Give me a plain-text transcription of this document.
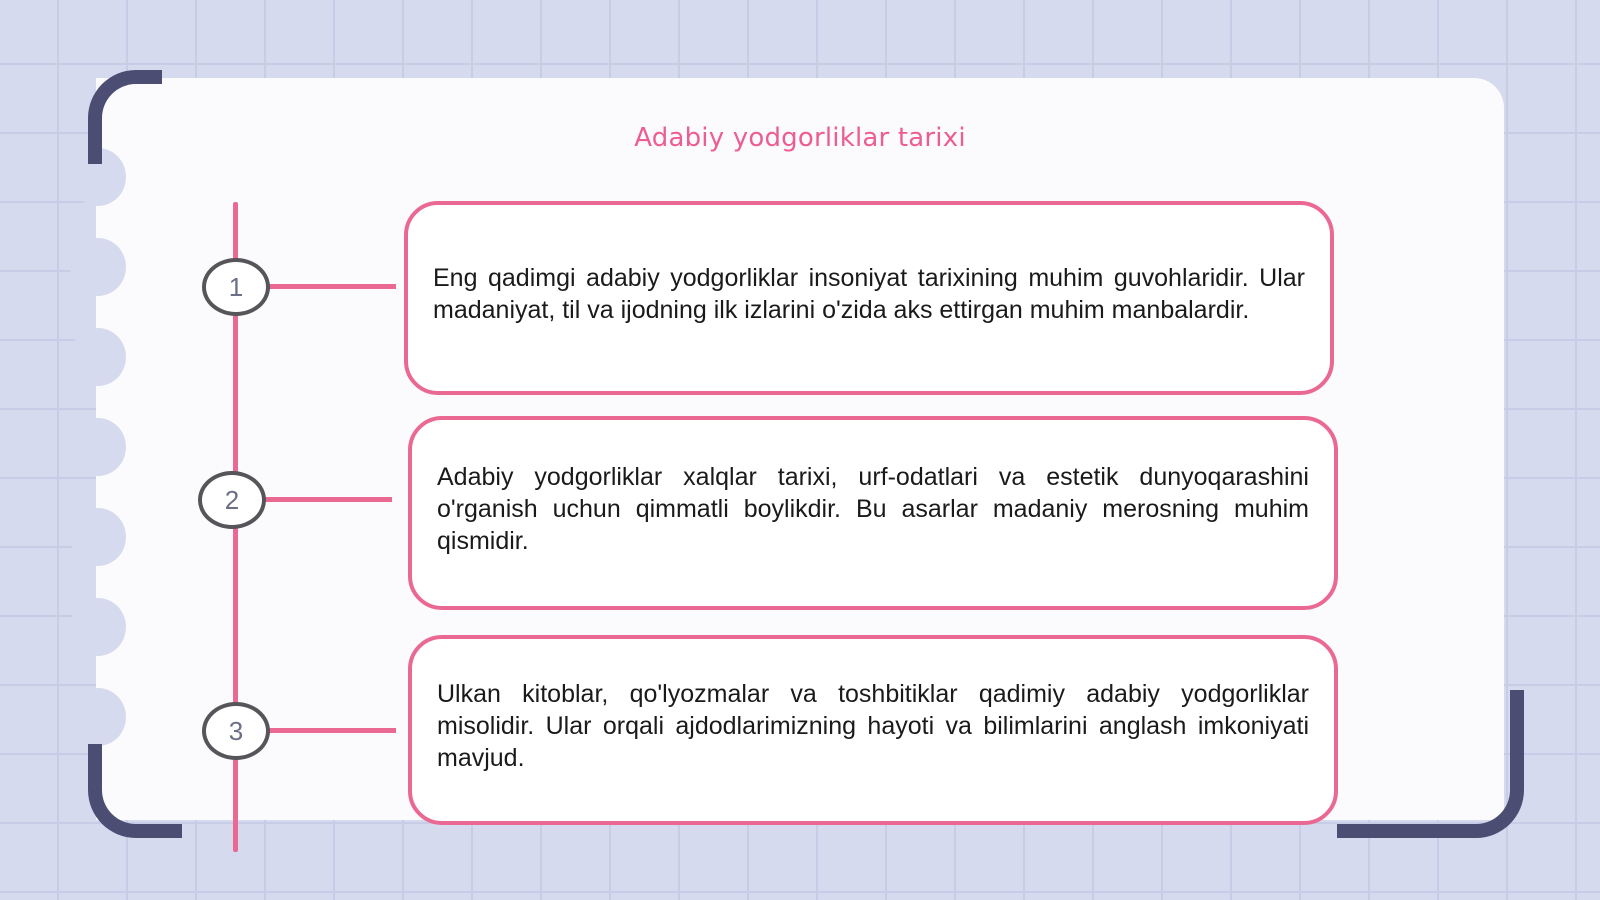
Adabiy yodgorliklar tarixi
1
2
3

Eng qadimgi adabiy yodgorliklar insoniyat tarixining muhim guvohlaridir. Ular madaniyat, til va ijodning ilk izlarini o'zida aks ettirgan muhim manbalardir.

Adabiy yodgorliklar xalqlar tarixi, urf-odatlari va estetik dunyoqarashini o'rganish uchun qimmatli boylikdir. Bu asarlar madaniy merosning muhim qismidir.

Ulkan kitoblar, qo'lyozmalar va toshbitiklar qadimiy adabiy yodgorliklar misolidir. Ular orqali ajdodlarimizning hayoti va bilimlarini anglash imkoniyati mavjud.
